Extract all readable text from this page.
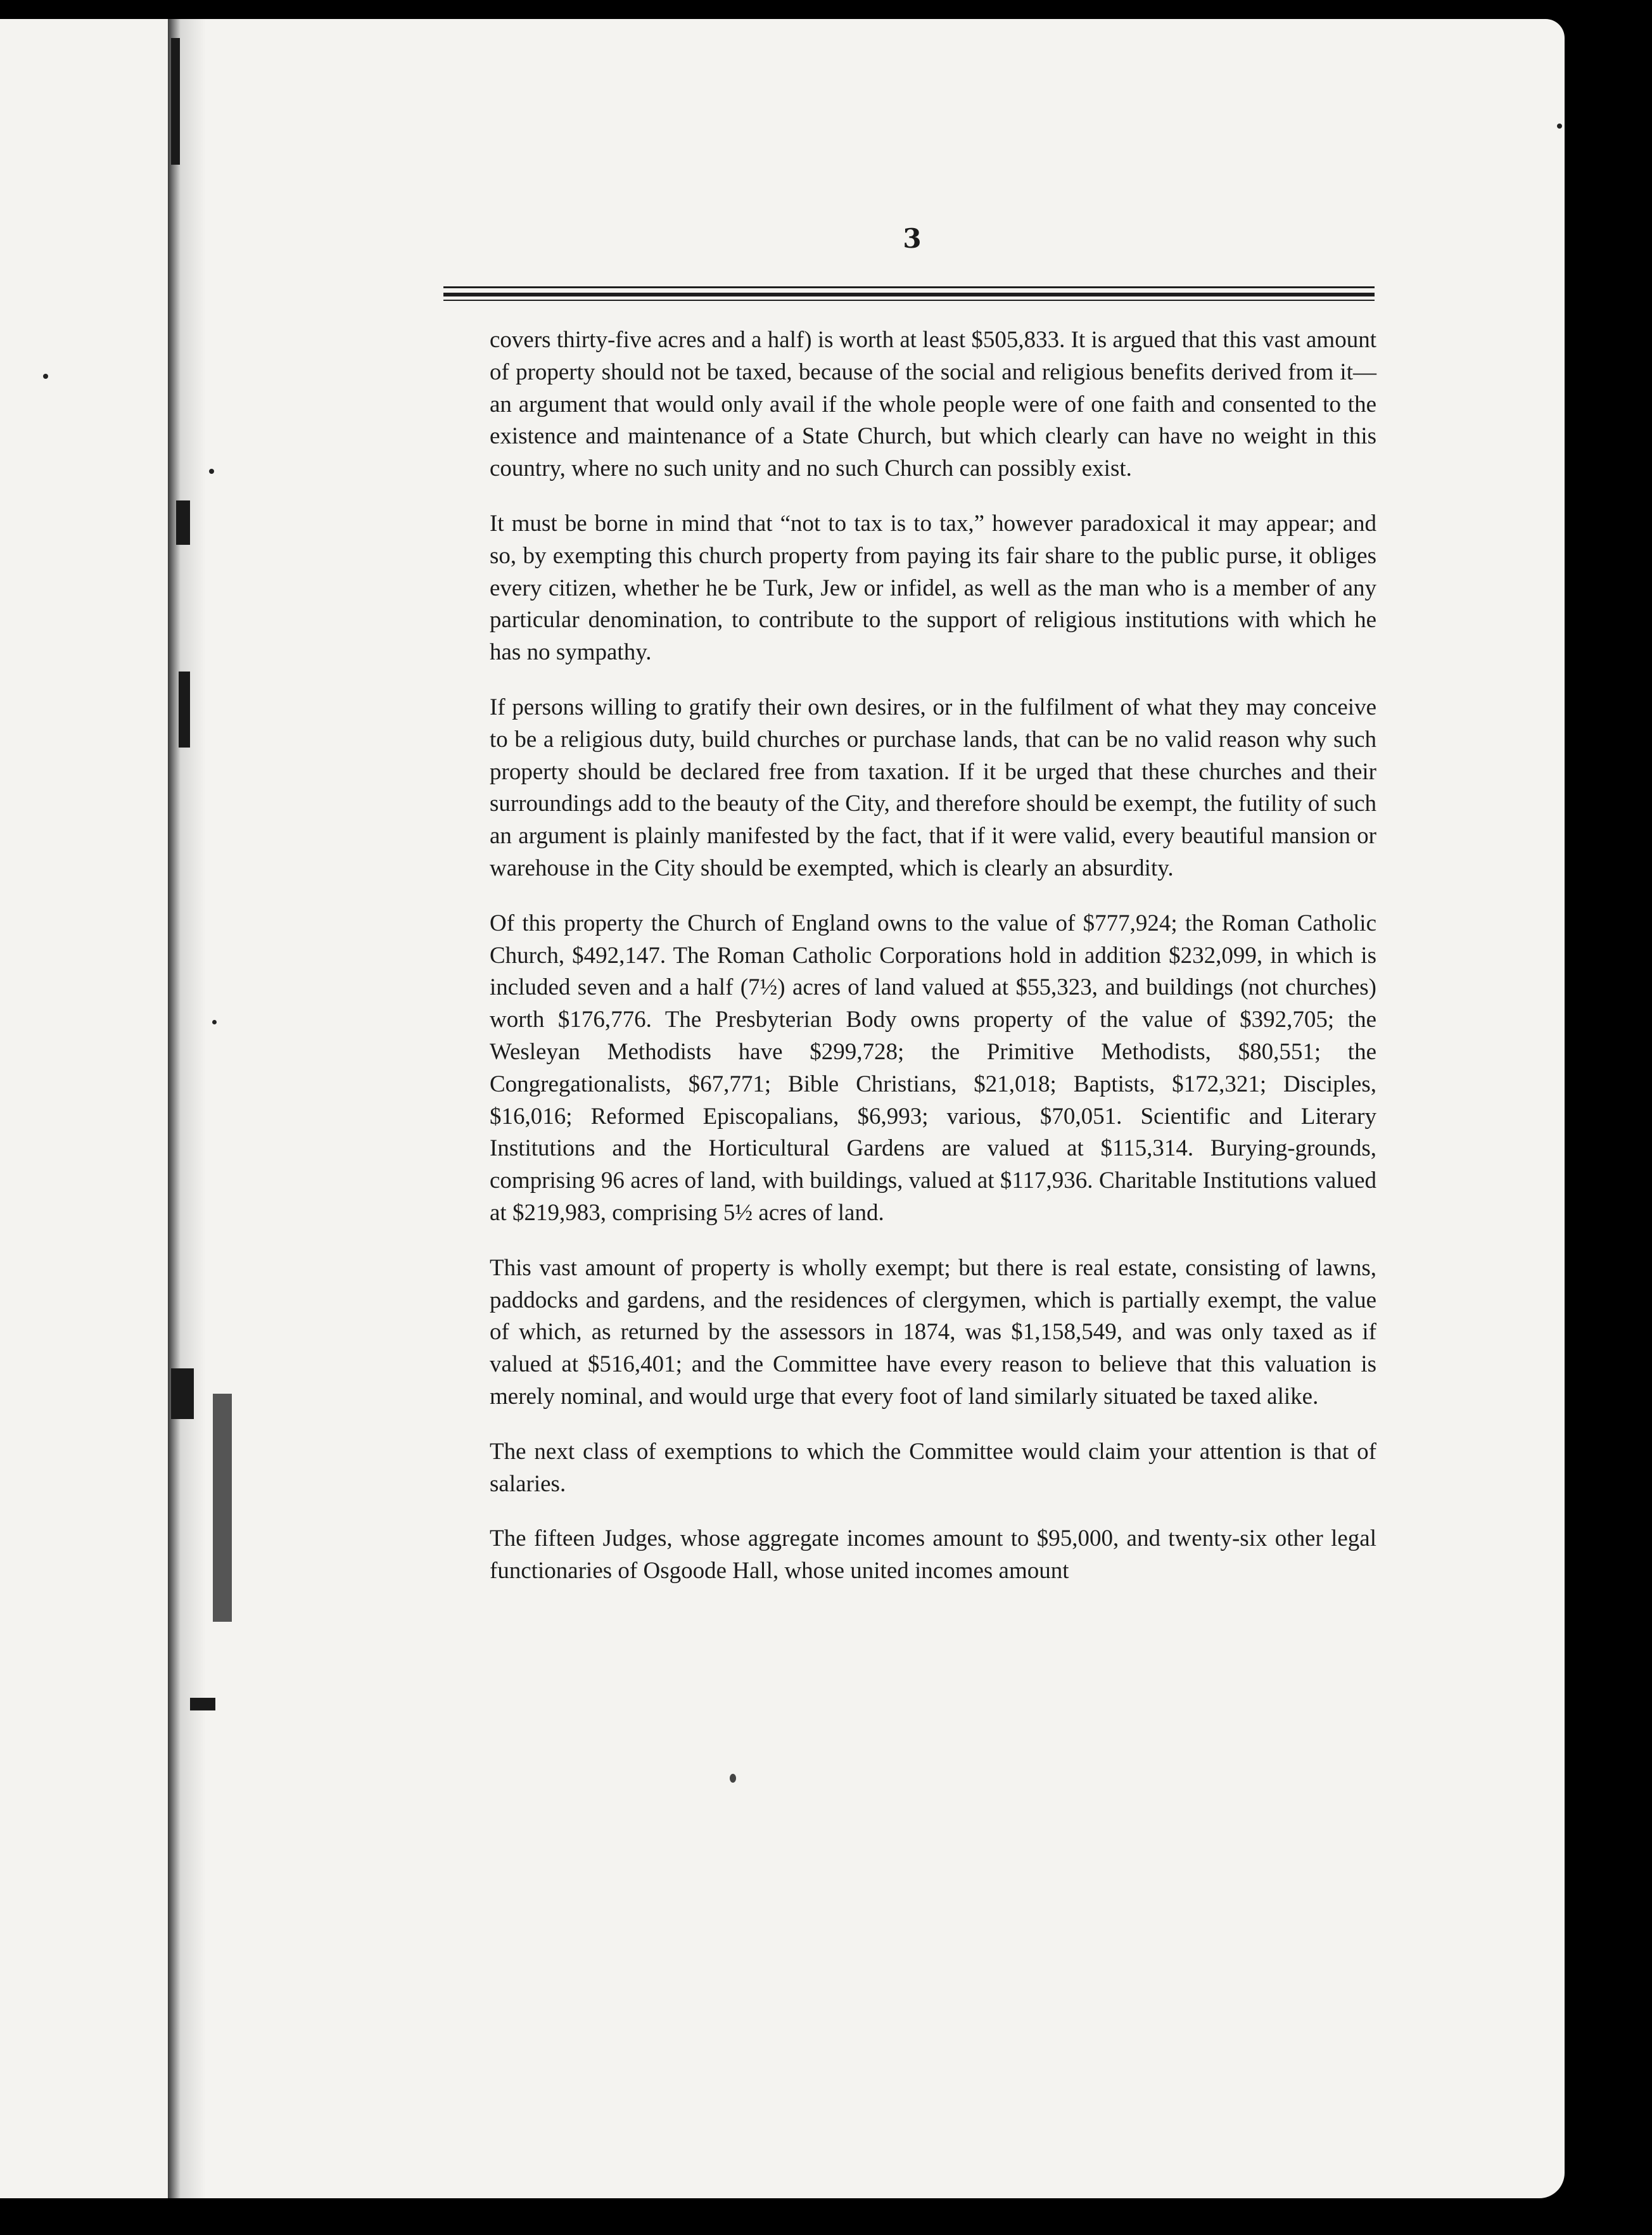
3

covers thirty-five acres and a half) is worth at least $505,833. It is argued that this vast amount of property should not be taxed, because of the social and religious benefits derived from it—an argument that would only avail if the whole people were of one faith and consented to the existence and maintenance of a State Church, but which clearly can have no weight in this country, where no such unity and no such Church can possibly exist.

It must be borne in mind that “not to tax is to tax,” however paradoxical it may appear; and so, by exempting this church property from paying its fair share to the public purse, it obliges every citizen, whether he be Turk, Jew or infidel, as well as the man who is a member of any particular denomination, to contribute to the support of religious institutions with which he has no sympathy.

If persons willing to gratify their own desires, or in the fulfilment of what they may conceive to be a religious duty, build churches or purchase lands, that can be no valid reason why such property should be declared free from taxation. If it be urged that these churches and their surroundings add to the beauty of the City, and therefore should be exempt, the futility of such an argument is plainly manifested by the fact, that if it were valid, every beautiful mansion or warehouse in the City should be exempted, which is clearly an absurdity.

Of this property the Church of England owns to the value of $777,924; the Roman Catholic Church, $492,147. The Roman Catholic Corporations hold in addition $232,099, in which is included seven and a half (7½) acres of land valued at $55,323, and buildings (not churches) worth $176,776. The Presbyterian Body owns property of the value of $392,705; the Wesleyan Methodists have $299,728; the Primitive Methodists, $80,551; the Congregationalists, $67,771; Bible Christians, $21,018; Baptists, $172,321; Disciples, $16,016; Reformed Episcopalians, $6,993; various, $70,051. Scientific and Literary Institutions and the Horticultural Gardens are valued at $115,314. Burying-grounds, comprising 96 acres of land, with buildings, valued at $117,936. Charitable Institutions valued at $219,983, comprising 5½ acres of land.

This vast amount of property is wholly exempt; but there is real estate, consisting of lawns, paddocks and gardens, and the residences of clergymen, which is partially exempt, the value of which, as returned by the assessors in 1874, was $1,158,549, and was only taxed as if valued at $516,401; and the Committee have every reason to believe that this valuation is merely nominal, and would urge that every foot of land similarly situated be taxed alike.

The next class of exemptions to which the Committee would claim your attention is that of salaries.

The fifteen Judges, whose aggregate incomes amount to $95,000, and twenty-six other legal functionaries of Osgoode Hall, whose united incomes amount
